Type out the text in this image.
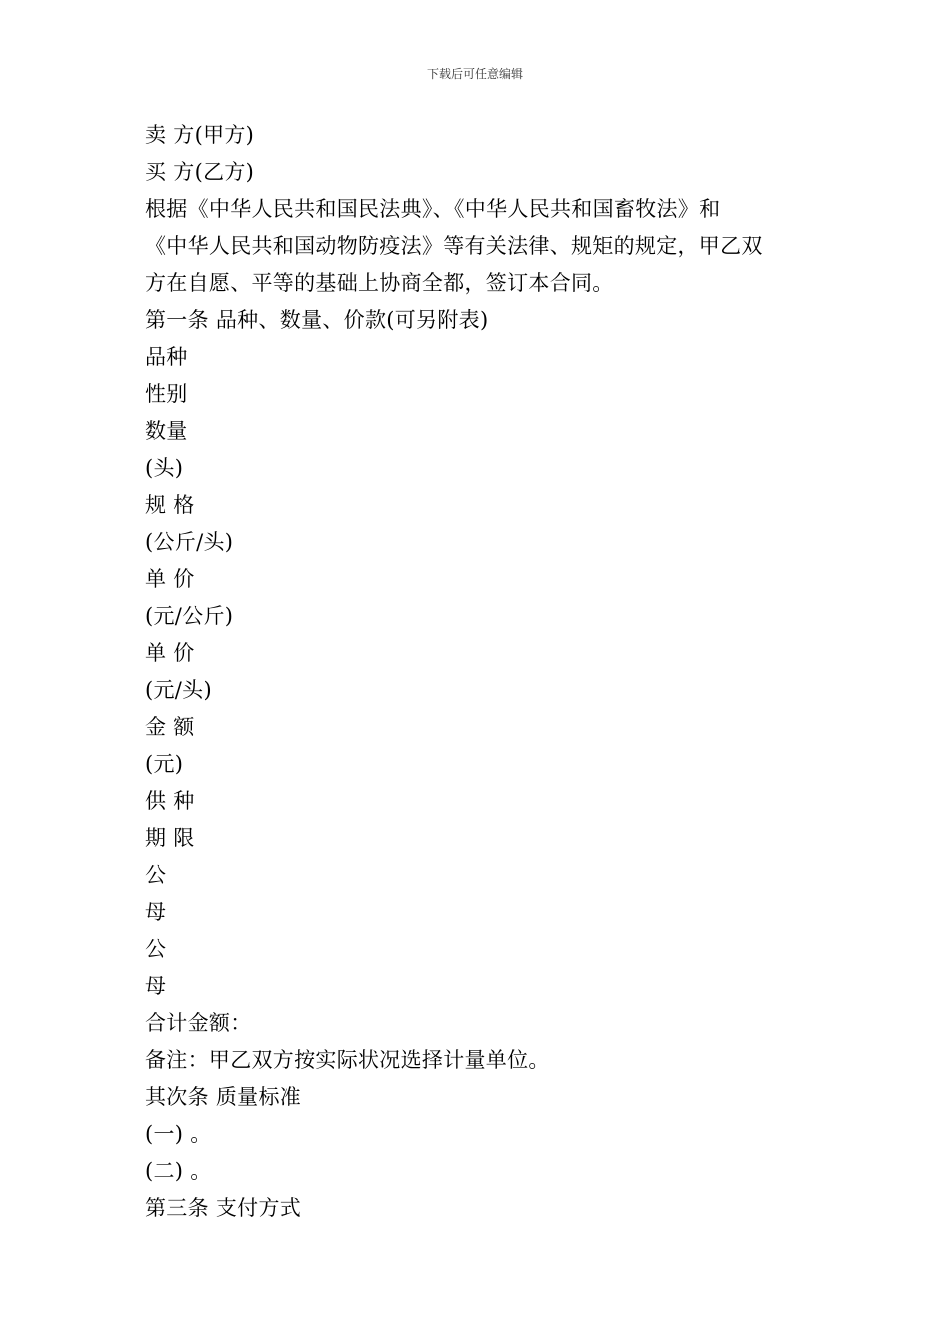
下载后可任意编辑
卖 方(甲方)
买 方(乙方)
根据《中华人民共和国民法典》、《中华人民共和国畜牧法》和
《中华人民共和国动物防疫法》等有关法律、规矩的规定，甲乙双
方在自愿、平等的基础上协商全都，签订本合同。
第一条 品种、数量、价款(可另附表)
品种
性别
数量
(头)
规 格
(公斤/头)
单 价
(元/公斤)
单 价
(元/头)
金 额
(元)
供 种
期 限
公
母
公
母
合计金额：
备注：甲乙双方按实际状况选择计量单位。
其次条 质量标准
(一) 。
(二) 。
第三条 支付方式
